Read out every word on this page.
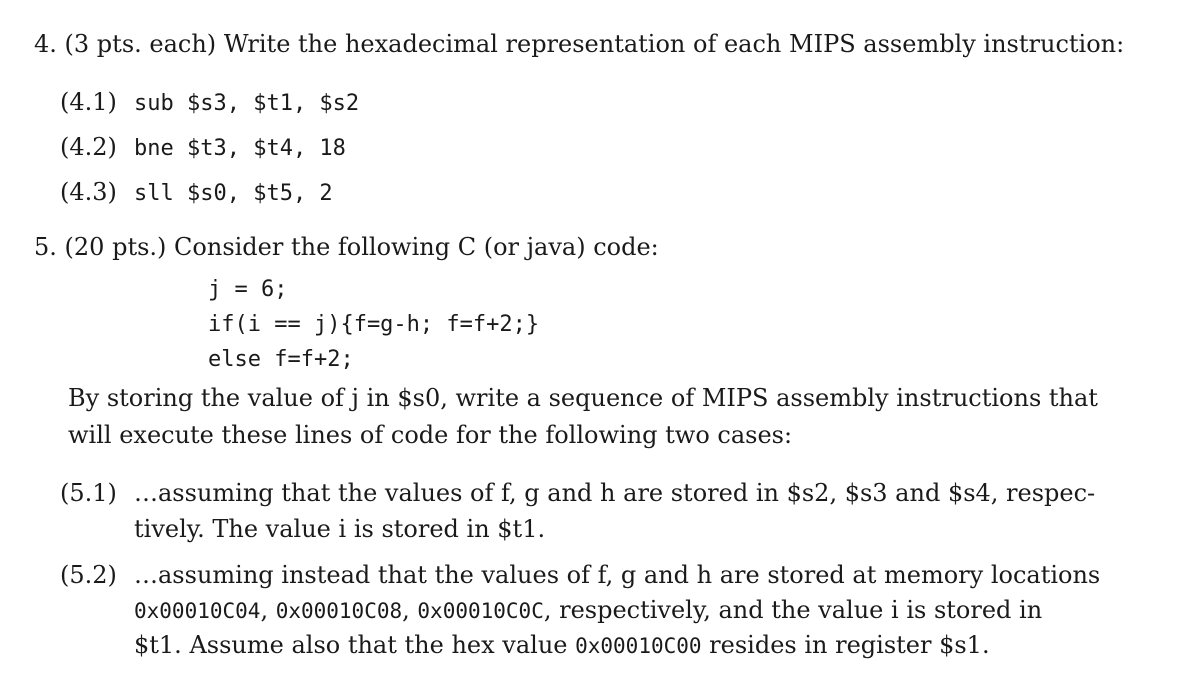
4. (3 pts. each) Write the hexadecimal representation of each MIPS assembly instruction:
(4.1) sub $s3, $t1, $s2
(4.2) bne $t3, $t4, 18
(4.3) sll $s0, $t5, 2
5. (20 pts.) Consider the following C (or java) code:
j = 6;
if(i == j){f=g-h; f=f+2;}
else f=f+2;
By storing the value of j in $s0, write a sequence of MIPS assembly instructions that
will execute these lines of code for the following two cases:
(5.1) …assuming that the values of f, g and h are stored in $s2, $s3 and $s4, respec-
tively. The value i is stored in $t1.
(5.2) …assuming instead that the values of f, g and h are stored at memory locations
0x00010C04, 0x00010C08, 0x00010C0C, respectively, and the value i is stored in
$t1. Assume also that the hex value 0x00010C00 resides in register $s1.
